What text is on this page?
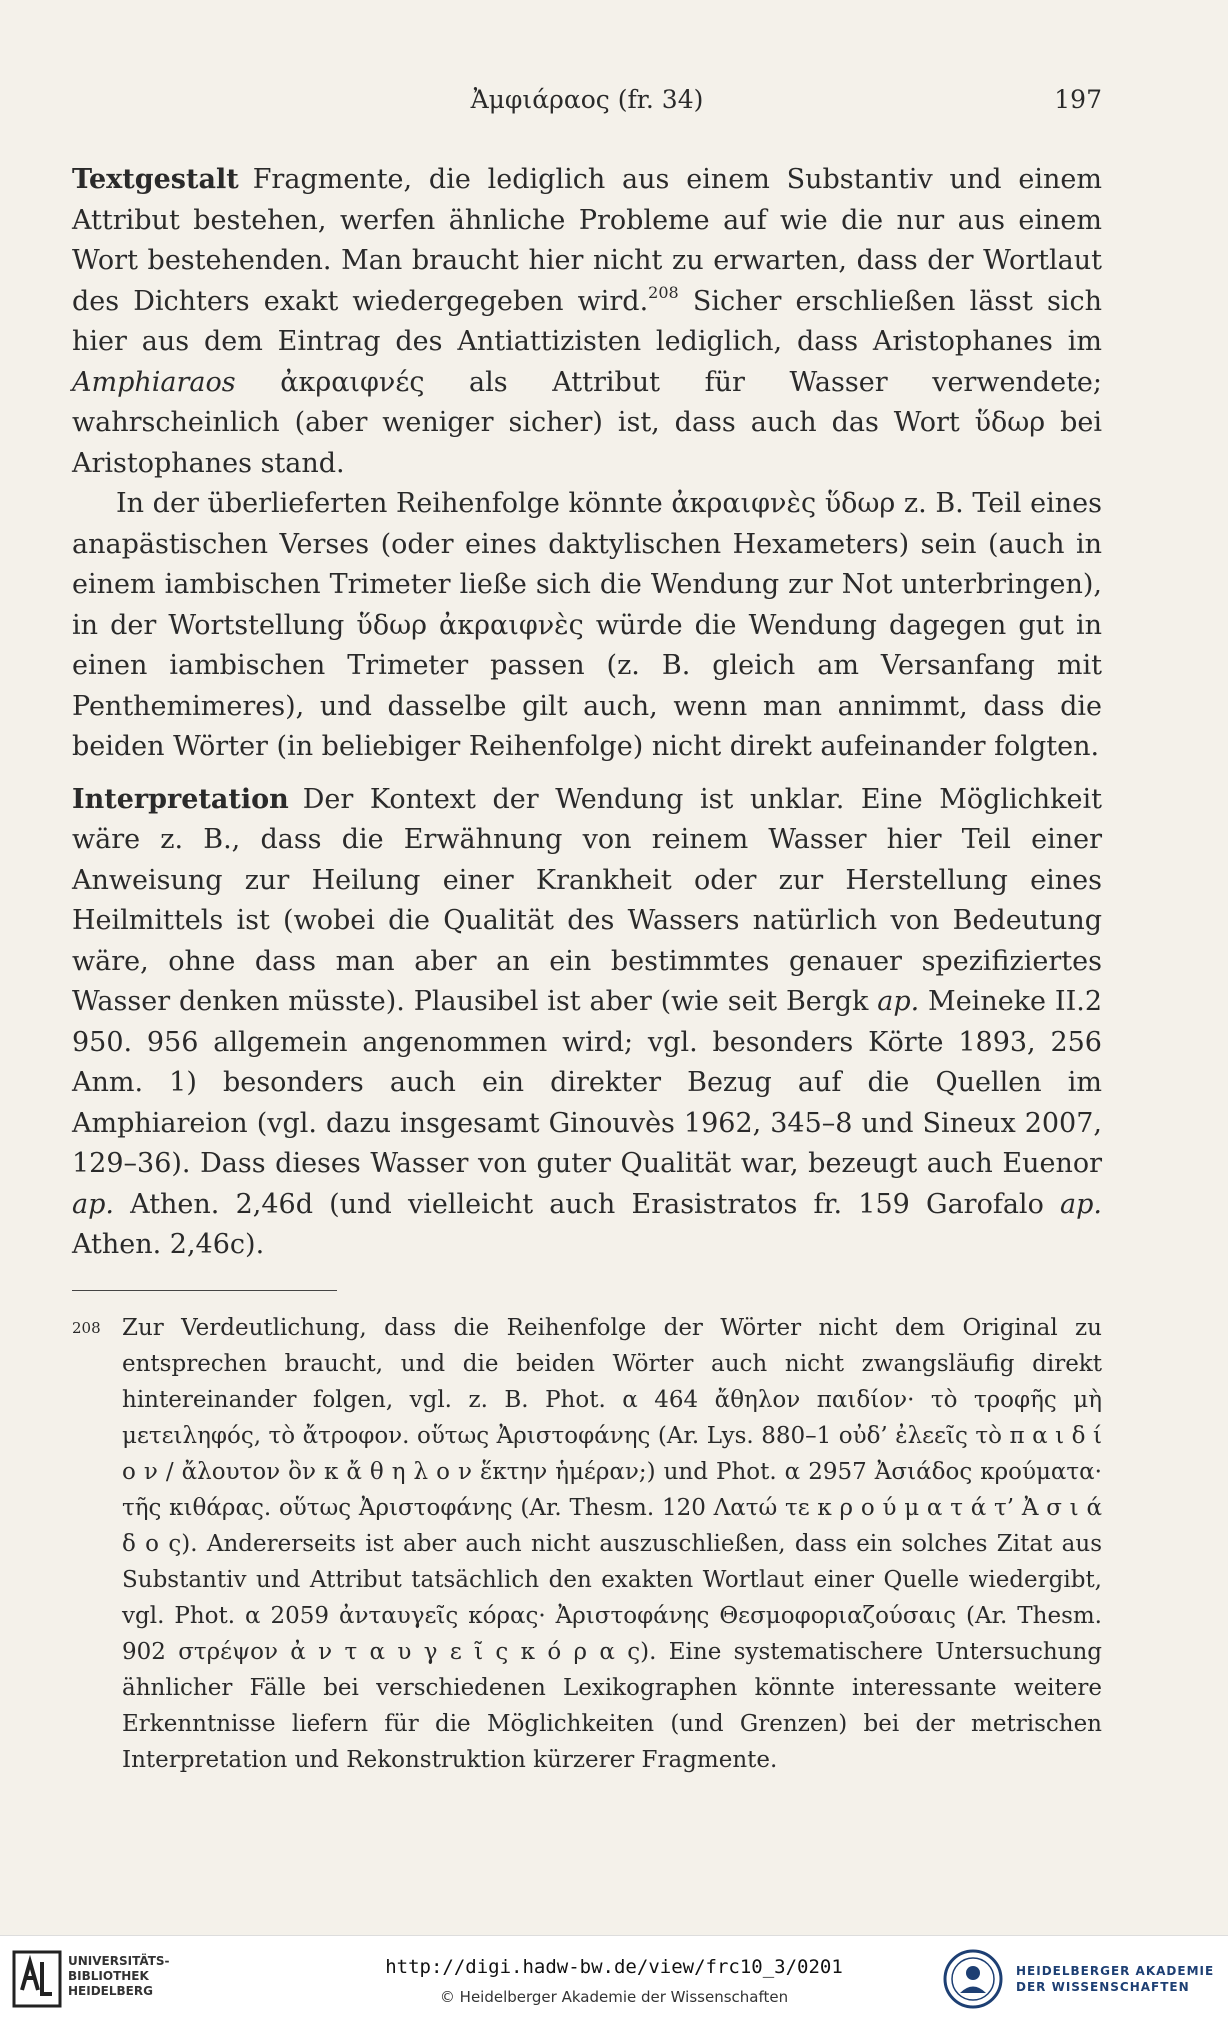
Ἀμφιάραος (fr. 34)	197

Textgestalt Fragmente, die lediglich aus einem Substantiv und einem Attribut bestehen, werfen ähnliche Probleme auf wie die nur aus einem Wort bestehenden. Man braucht hier nicht zu erwarten, dass der Wortlaut des Dichters exakt wiedergegeben wird.$^{208}$ Sicher erschließen lässt sich hier aus dem Eintrag des Antiattizisten lediglich, dass Aristophanes im Amphiaraos ἀκραιφνές als Attribut für Wasser verwendete; wahrscheinlich (aber weniger sicher) ist, dass auch das Wort ὕδωρ bei Aristophanes stand.

In der überlieferten Reihenfolge könnte ἀκραιφνὲς ὕδωρ z. B. Teil eines anapästischen Verses (oder eines daktylischen Hexameters) sein (auch in einem iambischen Trimeter ließe sich die Wendung zur Not unterbringen), in der Wortstellung ὕδωρ ἀκραιφνὲς würde die Wendung dagegen gut in einen iambischen Trimeter passen (z. B. gleich am Versanfang mit Penthemimeres), und dasselbe gilt auch, wenn man annimmt, dass die beiden Wörter (in beliebiger Reihenfolge) nicht direkt aufeinander folgten.

Interpretation Der Kontext der Wendung ist unklar. Eine Möglichkeit wäre z. B., dass die Erwähnung von reinem Wasser hier Teil einer Anweisung zur Heilung einer Krankheit oder zur Herstellung eines Heilmittels ist (wobei die Qualität des Wassers natürlich von Bedeutung wäre, ohne dass man aber an ein bestimmtes genauer spezifiziertes Wasser denken müsste). Plausibel ist aber (wie seit Bergk ap. Meineke II.2 950. 956 allgemein angenommen wird; vgl. besonders Körte 1893, 256 Anm. 1) besonders auch ein direkter Bezug auf die Quellen im Amphiareion (vgl. dazu insgesamt Ginouvès 1962, 345–8 und Sineux 2007, 129–36). Dass dieses Wasser von guter Qualität war, bezeugt auch Euenor ap. Athen. 2,46d (und vielleicht auch Erasistratos fr. 159 Garofalo ap. Athen. 2,46c).

208 Zur Verdeutlichung, dass die Reihenfolge der Wörter nicht dem Original zu entsprechen braucht, und die beiden Wörter auch nicht zwangsläufig direkt hintereinander folgen, vgl. z. B. Phot. α 464 ἄθηλον παιδίον· τὸ τροφῆς μὴ μετειληφός, τὸ ἄτροφον. οὕτως Ἀριστοφάνης (Ar. Lys. 880–1 οὐδ’ ἐλεεῖς τὸ π α ι δ ί ο ν / ἄλουτον ὂν κ ἄ θ η λ ο ν ἕκτην ἡμέραν;) und Phot. α 2957 Ἀσιάδος κρούματα· τῆς κιθάρας. οὕτως Ἀριστοφάνης (Ar. Thesm. 120 Λατώ τε κ ρ ο ύ μ α τ ά τ’ Ἀ σ ι ά δ ο ς). Andererseits ist aber auch nicht auszuschließen, dass ein solches Zitat aus Substantiv und Attribut tatsächlich den exakten Wortlaut einer Quelle wiedergibt, vgl. Phot. α 2059 ἀνταυγεῖς κόρας· Ἀριστοφάνης Θεσμοφοριαζούσαις (Ar. Thesm. 902 στρέψον ἀ ν τ α υ γ ε ῖ ς κ ό ρ α ς). Eine systematischere Untersuchung ähnlicher Fälle bei verschiedenen Lexikographen könnte interessante weitere Erkenntnisse liefern für die Möglichkeiten (und Grenzen) bei der metrischen Interpretation und Rekonstruktion kürzerer Fragmente.
UNIVERSITÄTS-
BIBLIOTHEK
HEIDELBERG
http://digi.hadw-bw.de/view/frc10_3/0201
© Heidelberger Akademie der Wissenschaften
HEIDELBERGER AKADEMIE
DER WISSENSCHAFTEN
